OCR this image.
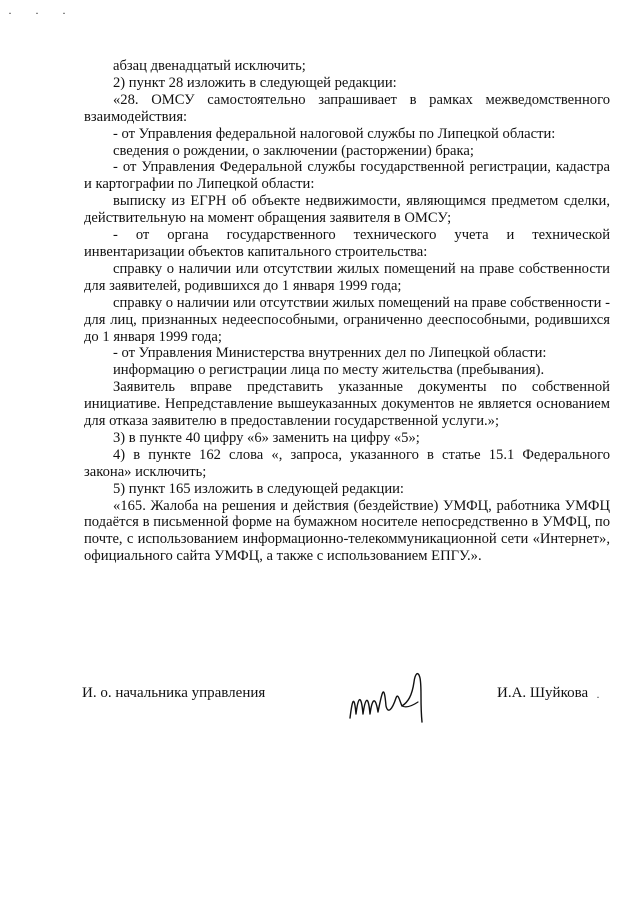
· · ·

абзац двенадцатый исключить;

2) пункт 28 изложить в следующей редакции:

«28. ОМСУ самостоятельно запрашивает в рамках межведомственного взаимодействия:

- от Управления федеральной налоговой службы по Липецкой области:

сведения о рождении, о заключении (расторжении) брака;

- от Управления Федеральной службы государственной регистрации, кадастра и картографии по Липецкой области:

выписку из ЕГРН об объекте недвижимости, являющимся предметом сделки, действительную на момент обращения заявителя в ОМСУ;

- от органа государственного технического учета и технической инвентаризации объектов капитального строительства:

справку о наличии или отсутствии жилых помещений на праве собственности для заявителей, родившихся до 1 января 1999 года;

справку о наличии или отсутствии жилых помещений на праве собственности - для лиц, признанных недееспособными, ограниченно дееспособными, родившихся до 1 января 1999 года;

- от Управления Министерства внутренних дел по Липецкой области:

информацию о регистрации лица по месту жительства (пребывания).

Заявитель вправе представить указанные документы по собственной инициативе. Непредставление вышеуказанных документов не является основанием для отказа заявителю в предоставлении государственной услуги.»;

3) в пункте 40 цифру «6» заменить на цифру «5»;

4) в пункте 162 слова «, запроса, указанного в статье 15.1 Федерального закона» исключить;

5) пункт 165 изложить в следующей редакции:

«165. Жалоба на решения и действия (бездействие) УМФЦ, работника УМФЦ подаётся в письменной форме на бумажном носителе непосредственно в УМФЦ, по почте, с использованием информационно-телекоммуникационной сети «Интернет», официального сайта УМФЦ, а также с использованием ЕПГУ.».

И. о. начальника управления	И.А. Шуйкова ·
